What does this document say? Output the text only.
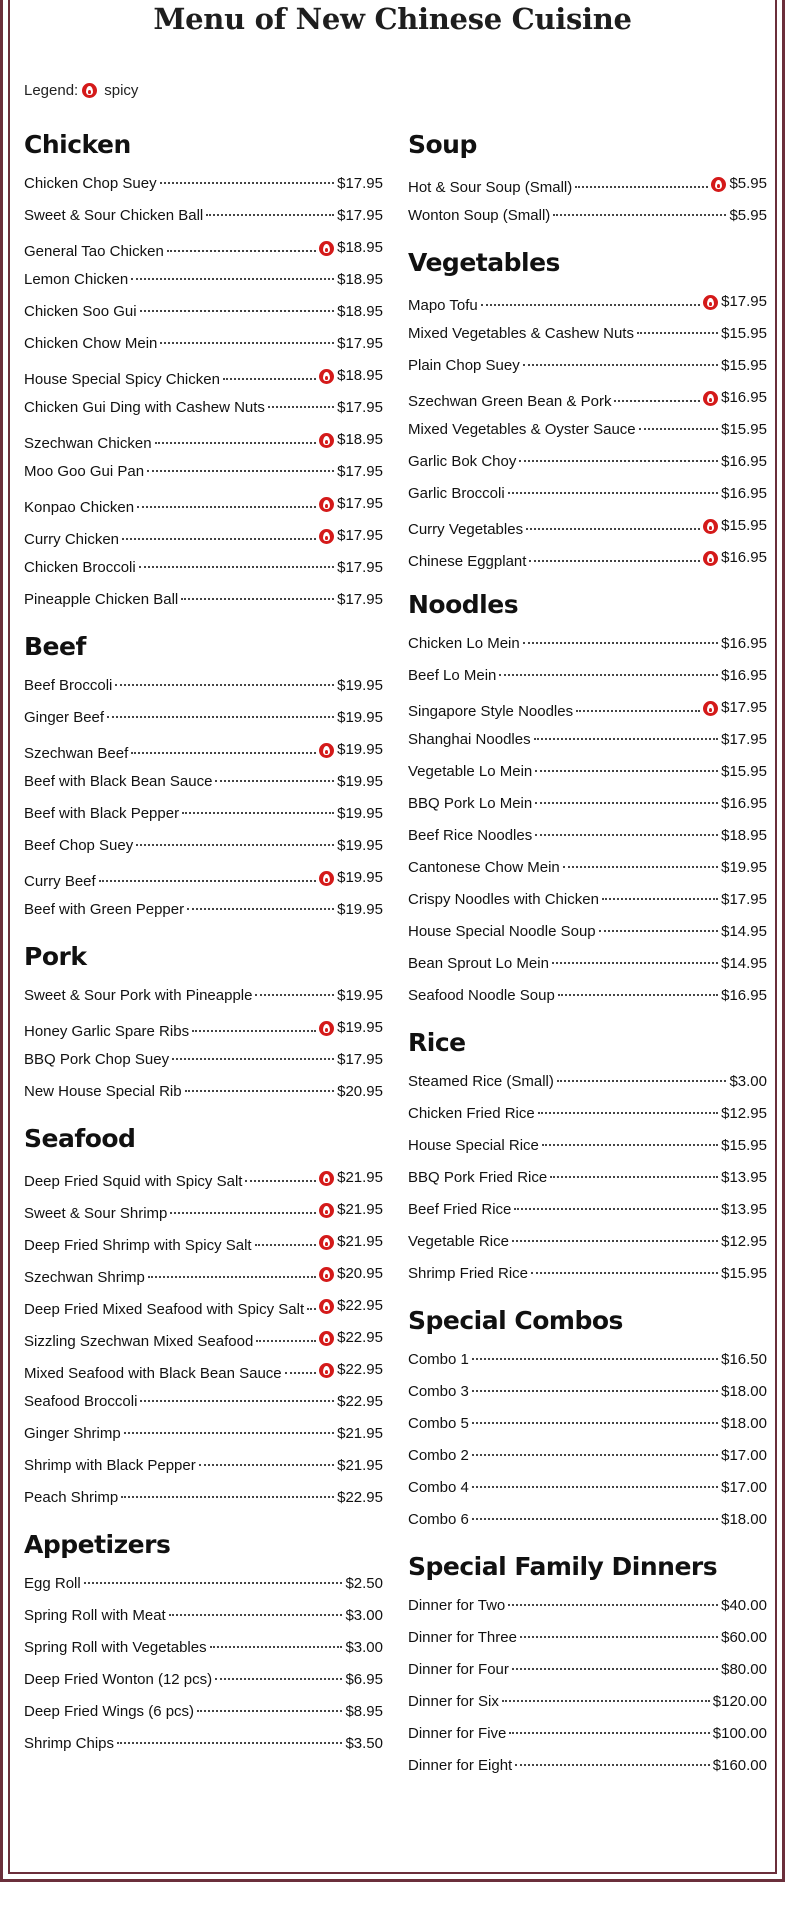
Menu of New Chinese Cuisine
Legend: spicy
Chicken
Chicken Chop Suey	$17.95
Sweet & Sour Chicken Ball	$17.95
General Tao Chicken	$18.95
Lemon Chicken	$18.95
Chicken Soo Gui	$18.95
Chicken Chow Mein	$17.95
House Special Spicy Chicken	$18.95
Chicken Gui Ding with Cashew Nuts	$17.95
Szechwan Chicken	$18.95
Moo Goo Gui Pan	$17.95
Konpao Chicken	$17.95
Curry Chicken	$17.95
Chicken Broccoli	$17.95
Pineapple Chicken Ball	$17.95
Beef
Beef Broccoli	$19.95
Ginger Beef	$19.95
Szechwan Beef	$19.95
Beef with Black Bean Sauce	$19.95
Beef with Black Pepper	$19.95
Beef Chop Suey	$19.95
Curry Beef	$19.95
Beef with Green Pepper	$19.95
Pork
Sweet & Sour Pork with Pineapple	$19.95
Honey Garlic Spare Ribs	$19.95
BBQ Pork Chop Suey	$17.95
New House Special Rib	$20.95
Seafood
Deep Fried Squid with Spicy Salt	$21.95
Sweet & Sour Shrimp	$21.95
Deep Fried Shrimp with Spicy Salt	$21.95
Szechwan Shrimp	$20.95
Deep Fried Mixed Seafood with Spicy Salt $22.95
Sizzling Szechwan Mixed Seafood	$22.95
Mixed Seafood with Black Bean Sauce	$22.95
Seafood Broccoli	$22.95
Ginger Shrimp	$21.95
Shrimp with Black Pepper	$21.95
Peach Shrimp	$22.95
Appetizers
Egg Roll	$2.50
Spring Roll with Meat	$3.00
Spring Roll with Vegetables	$3.00
Deep Fried Wonton (12 pcs)	$6.95
Deep Fried Wings (6 pcs)	$8.95
Shrimp Chips	$3.50
Soup
Hot & Sour Soup (Small)	$5.95
Wonton Soup (Small)	$5.95
Vegetables
Mapo Tofu	$17.95
Mixed Vegetables & Cashew Nuts	$15.95
Plain Chop Suey	$15.95
Szechwan Green Bean & Pork	$16.95
Mixed Vegetables & Oyster Sauce	$15.95
Garlic Bok Choy	$16.95
Garlic Broccoli	$16.95
Curry Vegetables	$15.95
Chinese Eggplant	$16.95
Noodles
Chicken Lo Mein	$16.95
Beef Lo Mein	$16.95
Singapore Style Noodles	$17.95
Shanghai Noodles	$17.95
Vegetable Lo Mein	$15.95
BBQ Pork Lo Mein	$16.95
Beef Rice Noodles	$18.95
Cantonese Chow Mein	$19.95
Crispy Noodles with Chicken	$17.95
House Special Noodle Soup	$14.95
Bean Sprout Lo Mein	$14.95
Seafood Noodle Soup	$16.95
Rice
Steamed Rice (Small)	$3.00
Chicken Fried Rice	$12.95
House Special Rice	$15.95
BBQ Pork Fried Rice	$13.95
Beef Fried Rice	$13.95
Vegetable Rice	$12.95
Shrimp Fried Rice	$15.95
Special Combos
Combo 1	$16.50
Combo 3	$18.00
Combo 5	$18.00
Combo 2	$17.00
Combo 4	$17.00
Combo 6	$18.00
Special Family Dinners
Dinner for Two	$40.00
Dinner for Three	$60.00
Dinner for Four	$80.00
Dinner for Six	$120.00
Dinner for Five	$100.00
Dinner for Eight	$160.00
